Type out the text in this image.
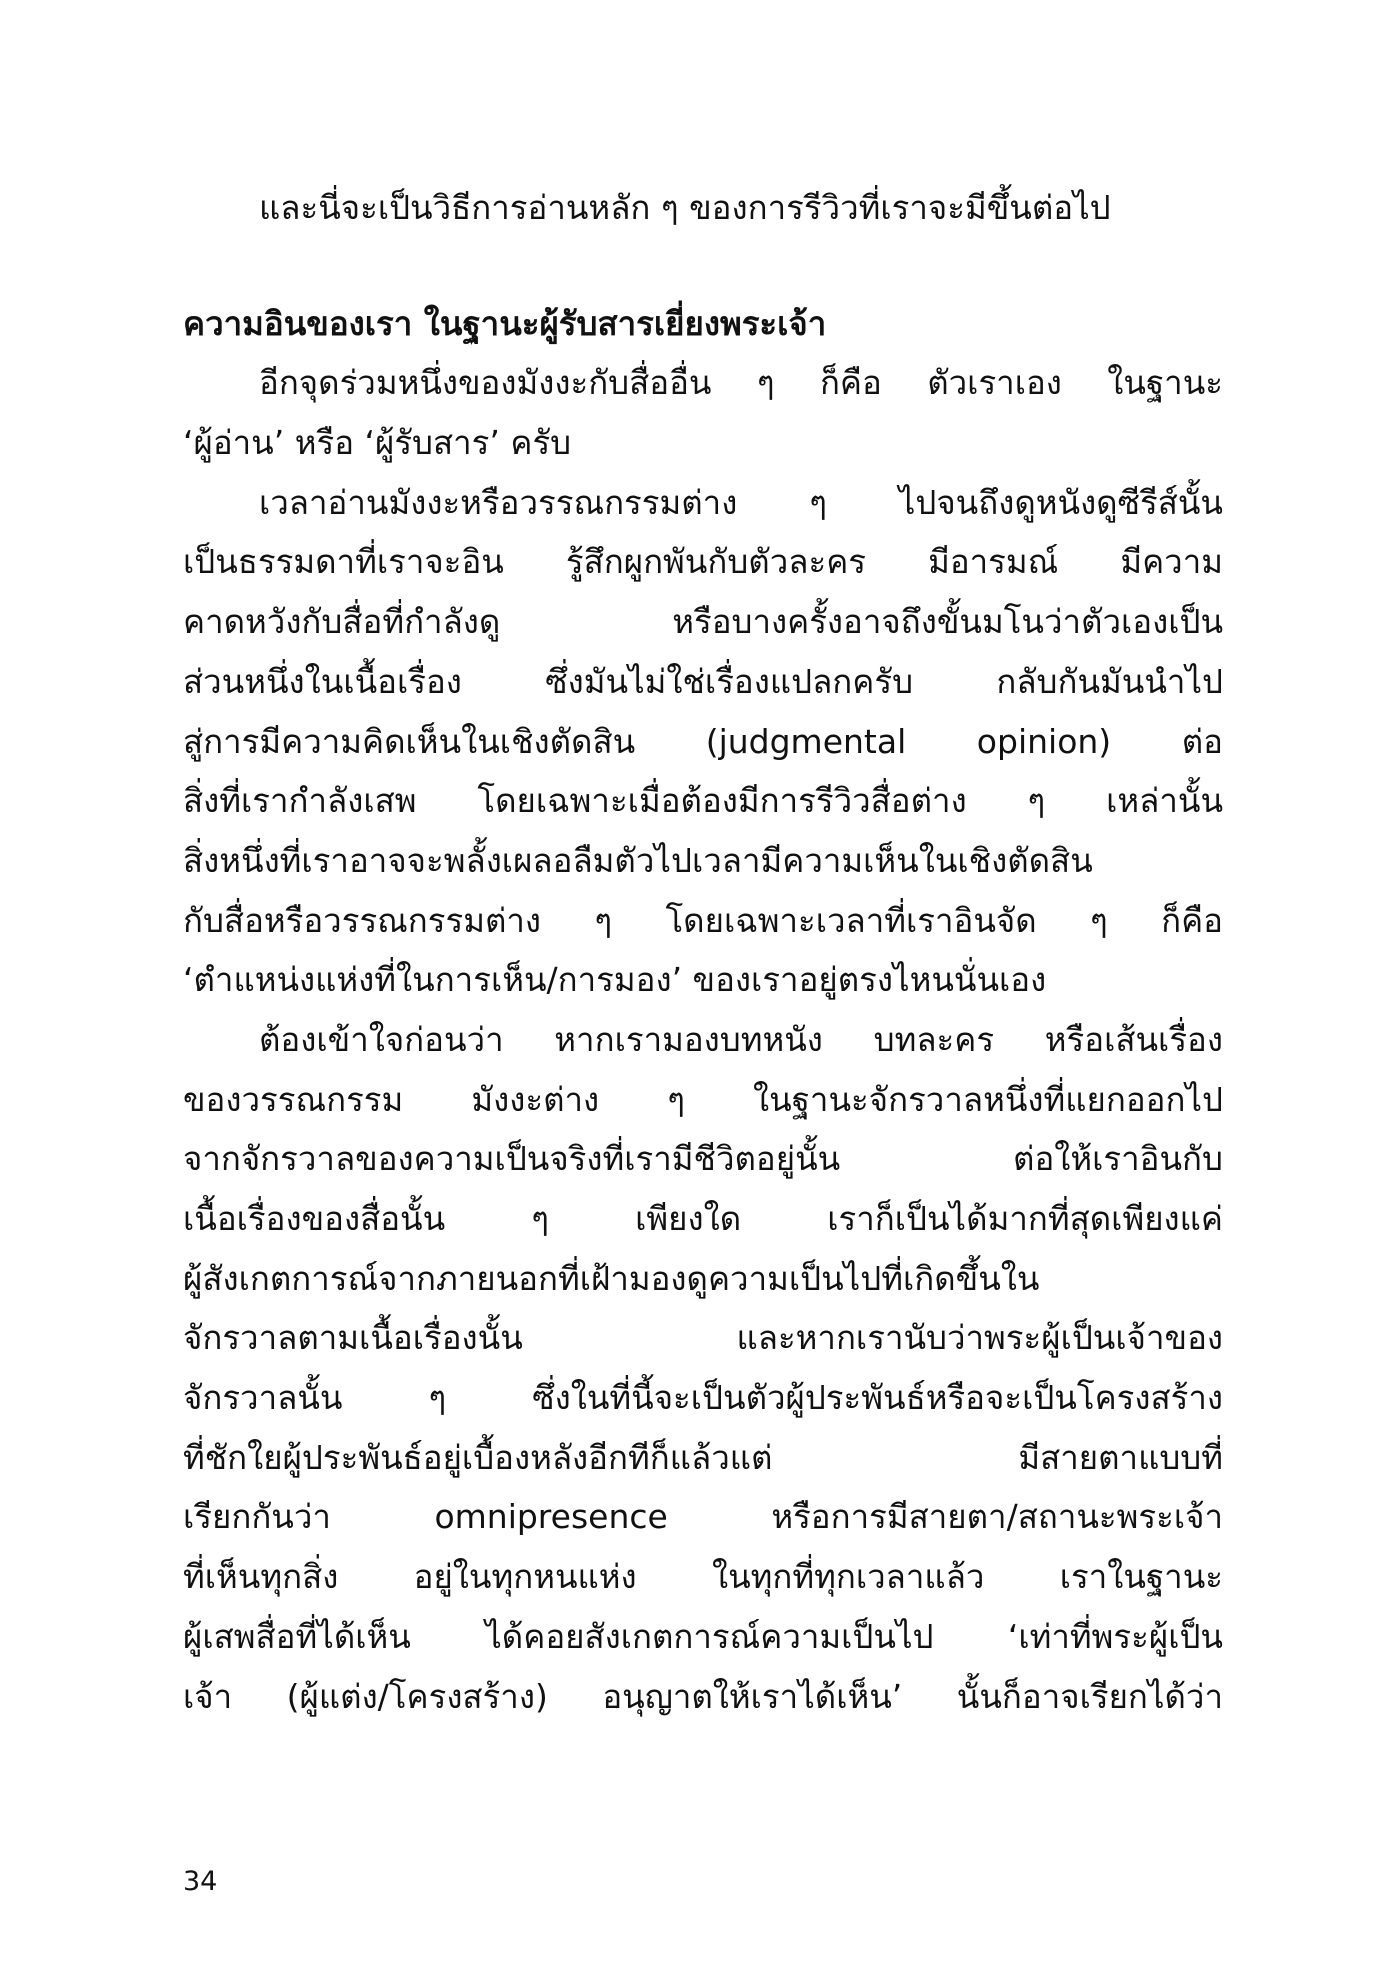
และนี่จะเป็นวิธีการอ่านหลัก ๆ ของการรีวิวที่เราจะมีขึ้นต่อไป
ความอินของเรา ในฐานะผู้รับสารเยี่ยงพระเจ้า
อีกจุดร่วมหนึ่งของมังงะกับสื่ออื่น ๆ ก็คือ ตัวเราเอง ในฐานะ
‘ผู้อ่าน’ หรือ ‘ผู้รับสาร’ ครับ
เวลาอ่านมังงะหรือวรรณกรรมต่าง ๆ ไปจนถึงดูหนังดูซีรีส์นั้น
เป็นธรรมดาที่เราจะอิน รู้สึกผูกพันกับตัวละคร มีอารมณ์ มีความ
คาดหวังกับสื่อที่กำลังดู หรือบางครั้งอาจถึงขั้นมโนว่าตัวเองเป็น
ส่วนหนึ่งในเนื้อเรื่อง ซึ่งมันไม่ใช่เรื่องแปลกครับ กลับกันมันนำไป
สู่การมีความคิดเห็นในเชิงตัดสิน (judgmental opinion) ต่อ
สิ่งที่เรากำลังเสพ โดยเฉพาะเมื่อต้องมีการรีวิวสื่อต่าง ๆ เหล่านั้น
สิ่งหนึ่งที่เราอาจจะพลั้งเผลอลืมตัวไปเวลามีความเห็นในเชิงตัดสิน
กับสื่อหรือวรรณกรรมต่าง ๆ โดยเฉพาะเวลาที่เราอินจัด ๆ ก็คือ
‘ตำแหน่งแห่งที่ในการเห็น/การมอง’ ของเราอยู่ตรงไหนนั่นเอง
ต้องเข้าใจก่อนว่า หากเรามองบทหนัง บทละคร หรือเส้นเรื่อง
ของวรรณกรรม มังงะต่าง ๆ ในฐานะจักรวาลหนึ่งที่แยกออกไป
จากจักรวาลของความเป็นจริงที่เรามีชีวิตอยู่นั้น ต่อให้เราอินกับ
เนื้อเรื่องของสื่อนั้น ๆ เพียงใด เราก็เป็นได้มากที่สุดเพียงแค่
ผู้สังเกตการณ์จากภายนอกที่เฝ้ามองดูความเป็นไปที่เกิดขึ้นใน
จักรวาลตามเนื้อเรื่องนั้น และหากเรานับว่าพระผู้เป็นเจ้าของ
จักรวาลนั้น ๆ ซึ่งในที่นี้จะเป็นตัวผู้ประพันธ์หรือจะเป็นโครงสร้าง
ที่ชักใยผู้ประพันธ์อยู่เบื้องหลังอีกทีก็แล้วแต่ มีสายตาแบบที่
เรียกกันว่า omnipresence หรือการมีสายตา/สถานะพระเจ้า
ที่เห็นทุกสิ่ง อยู่ในทุกหนแห่ง ในทุกที่ทุกเวลาแล้ว เราในฐานะ
ผู้เสพสื่อที่ได้เห็น ได้คอยสังเกตการณ์ความเป็นไป ‘เท่าที่พระผู้เป็น
เจ้า (ผู้แต่ง/โครงสร้าง) อนุญาตให้เราได้เห็น’ นั้นก็อาจเรียกได้ว่า
34
